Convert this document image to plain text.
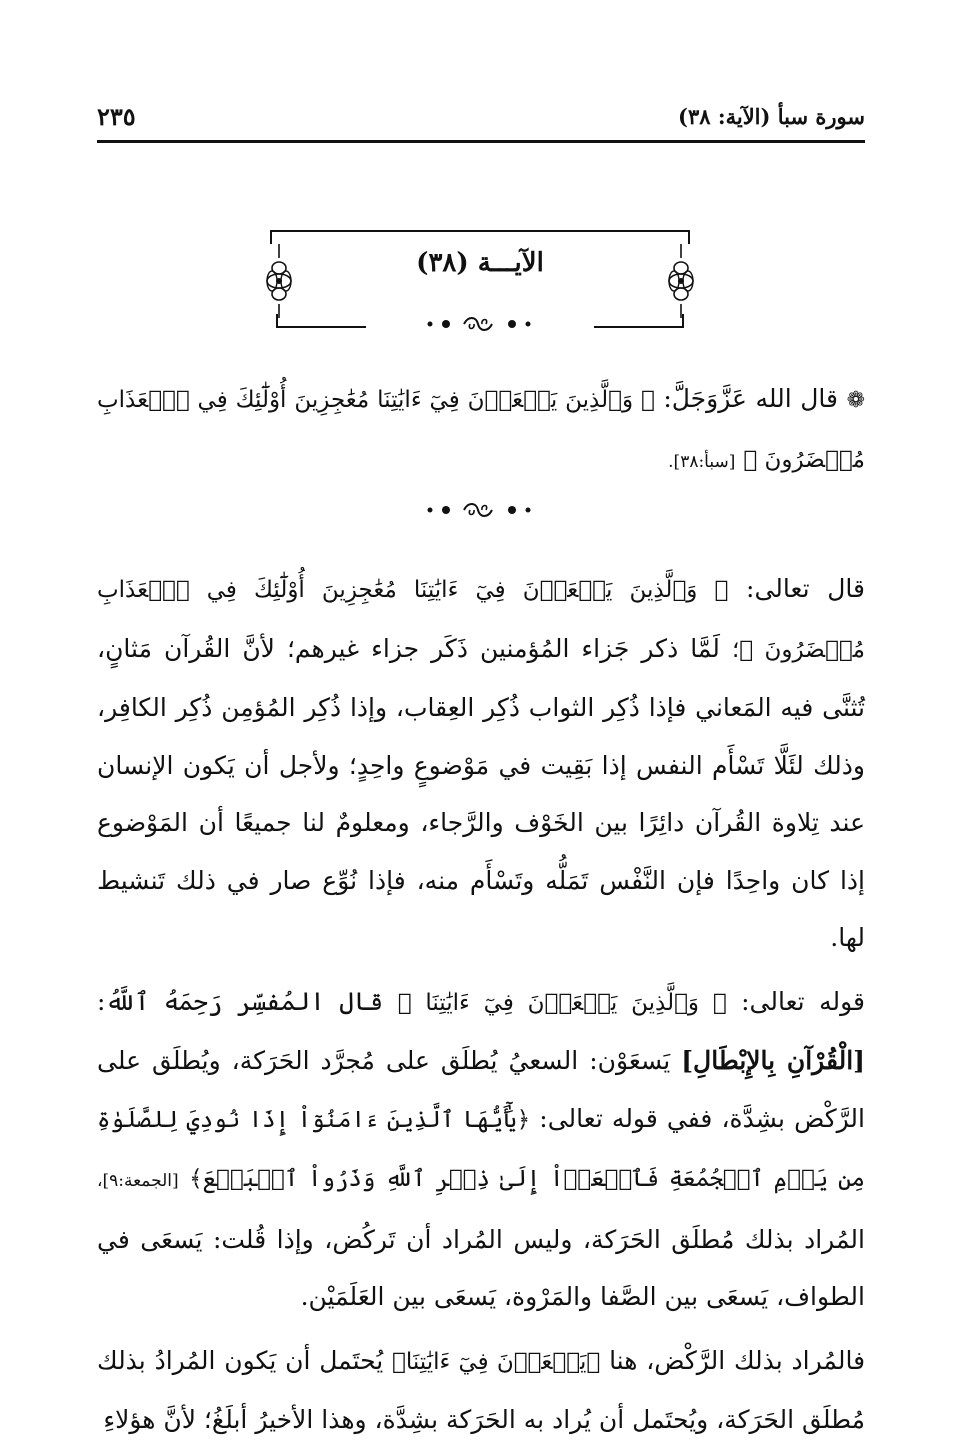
سورة سبأ (الآية: ٣٨)
٢٣٥
الآيـــة (٣٨)

❁ قال الله عَزَّوَجَلَّ: ﴿ وَٱلَّذِينَ يَسۡعَوۡنَ فِيٓ ءَايَٰتِنَا مُعَٰجِزِينَ أُوْلَٰٓئِكَ فِي ٱلۡعَذَابِ مُحۡضَرُونَ ﴾ [سبأ:٣٨].

قال تعالى: ﴿ وَٱلَّذِينَ يَسۡعَوۡنَ فِيٓ ءَايَٰتِنَا مُعَٰجِزِينَ أُوْلَٰٓئِكَ فِي ٱلۡعَذَابِ مُحۡضَرُونَ ﴾؛ لَمَّا ذكر جَزاء المُؤمنين ذَكَر جزاء غيرهم؛ لأنَّ القُرآن مَثانٍ، تُثنَّى فيه المَعاني فإذا ذُكِر الثواب ذُكِر العِقاب، وإذا ذُكِر المُؤمِن ذُكِر الكافِر، وذلك لئَلَّا تَسْأَم النفس إذا بَقِيت في مَوْضوعٍ واحِدٍ؛ ولأجل أن يَكون الإنسان عند تِلاوة القُرآن دائِرًا بين الخَوْف والرَّجاء، ومعلومٌ لنا جميعًا أن المَوْضوع إذا كان واحِدًا فإن النَّفْس تَمَلُّه وتَسْأَم منه، فإذا نُوِّع صار في ذلك تَنشيط لها.

قوله تعالى: ﴿ وَٱلَّذِينَ يَسۡعَوۡنَ فِيٓ ءَايَٰتِنَا ﴾ قال المُفسِّر رَحِمَهُ ٱللَّهُ: [الْقُرْآنِ بِالإِبْطَالِ] يَسعَوْن: السعيُ يُطلَق على مُجرَّد الحَرَكة، ويُطلَق على الرَّكْض بشِدَّة، ففي قوله تعالى: ﴿يَٰٓأَيُّهَا ٱلَّذِينَ ءَامَنُوٓاْ إِذَا نُودِيَ لِلصَّلَوٰةِ مِن يَوۡمِ ٱلۡجُمُعَةِ فَٱسۡعَوۡاْ إِلَىٰ ذِكۡرِ ٱللَّهِ وَذَرُواْ ٱلۡبَيۡعَ﴾ [الجمعة:٩]، المُراد بذلك مُطلَق الحَرَكة، وليس المُراد أن تَركُض، وإذا قُلت: يَسعَى في الطواف، يَسعَى بين الصَّفا والمَرْوة، يَسعَى بين العَلَمَيْن.

فالمُراد بذلك الرَّكْض، هنا ﴿يَسۡعَوۡنَ فِيٓ ءَايَٰتِنَا﴾ يُحتَمل أن يَكون المُرادُ بذلك مُطلَق الحَرَكة، ويُحتَمل أن يُراد به الحَرَكة بشِدَّة، وهذا الأخيرُ أبلَغُ؛ لأنَّ هؤلاءِ
